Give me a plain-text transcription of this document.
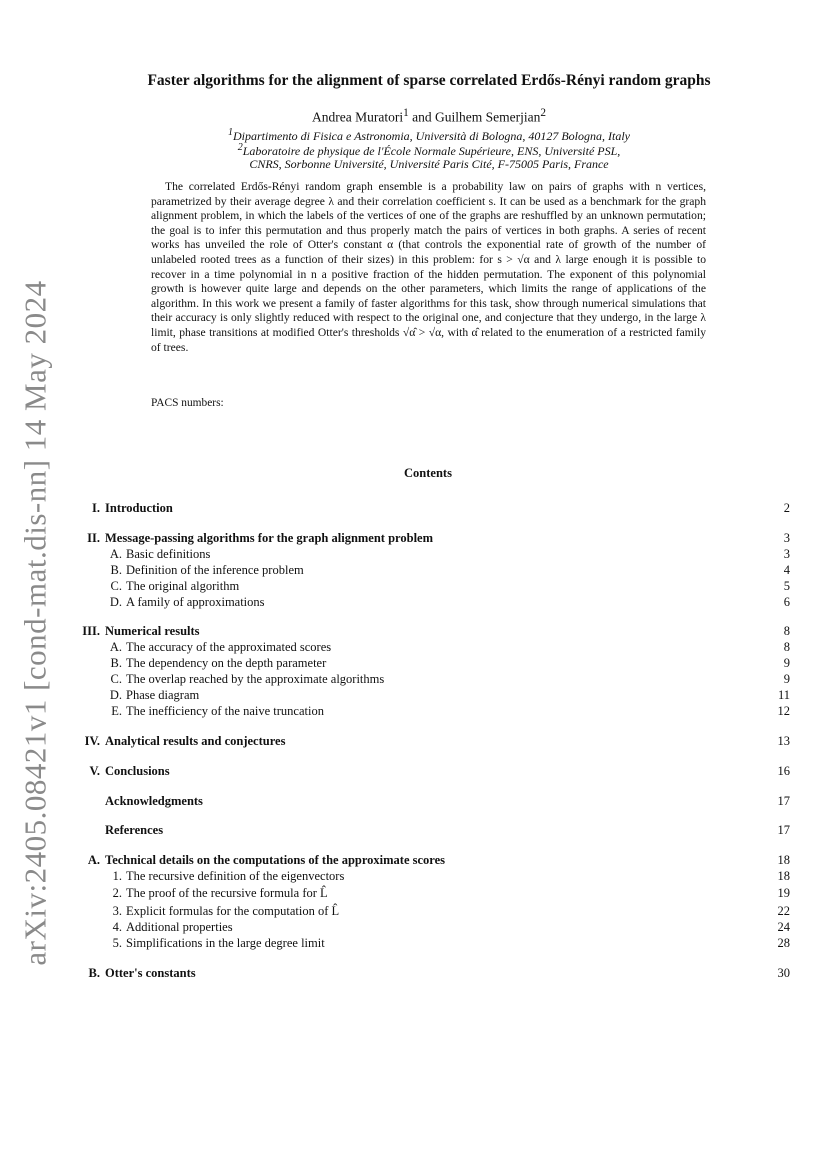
arXiv:2405.08421v1 [cond-mat.dis-nn] 14 May 2024
Faster algorithms for the alignment of sparse correlated Erdős-Rényi random graphs
Andrea Muratori$^1$ and Guilhem Semerjian$^2$
$^1$Dipartimento di Fisica e Astronomia, Università di Bologna, 40127 Bologna, Italy
$^2$Laboratoire de physique de l'École Normale Supérieure, ENS, Université PSL,
CNRS, Sorbonne Université, Université Paris Cité, F-75005 Paris, France
The correlated Erdős-Rényi random graph ensemble is a probability law on pairs of graphs with n vertices, parametrized by their average degree λ and their correlation coefficient s. It can be used as a benchmark for the graph alignment problem, in which the labels of the vertices of one of the graphs are reshuffled by an unknown permutation; the goal is to infer this permutation and thus properly match the pairs of vertices in both graphs. A series of recent works has unveiled the role of Otter's constant α (that controls the exponential rate of growth of the number of unlabeled rooted trees as a function of their sizes) in this problem: for s > √α and λ large enough it is possible to recover in a time polynomial in n a positive fraction of the hidden permutation. The exponent of this polynomial growth is however quite large and depends on the other parameters, which limits the range of applications of the algorithm. In this work we present a family of faster algorithms for this task, show through numerical simulations that their accuracy is only slightly reduced with respect to the original one, and conjecture that they undergo, in the large λ limit, phase transitions at modified Otter's thresholds √α̂ > √α, with α̂ related to the enumeration of a restricted family of trees.
PACS numbers:
Contents
I. Introduction	2
II. Message-passing algorithms for the graph alignment problem	3
A. Basic definitions	3
B. Definition of the inference problem	4
C. The original algorithm	5
D. A family of approximations	6
III. Numerical results	8
A. The accuracy of the approximated scores	8
B. The dependency on the depth parameter	9
C. The overlap reached by the approximate algorithms	9
D. Phase diagram	11
E. The inefficiency of the naive truncation	12
IV. Analytical results and conjectures	13
V. Conclusions	16
Acknowledgments	17
References	17
A. Technical details on the computations of the approximate scores	18
1. The recursive definition of the eigenvectors	18
2. The proof of the recursive formula for L̂	19
3. Explicit formulas for the computation of L̂	22
4. Additional properties	24
5. Simplifications in the large degree limit	28
B. Otter's constants	30
